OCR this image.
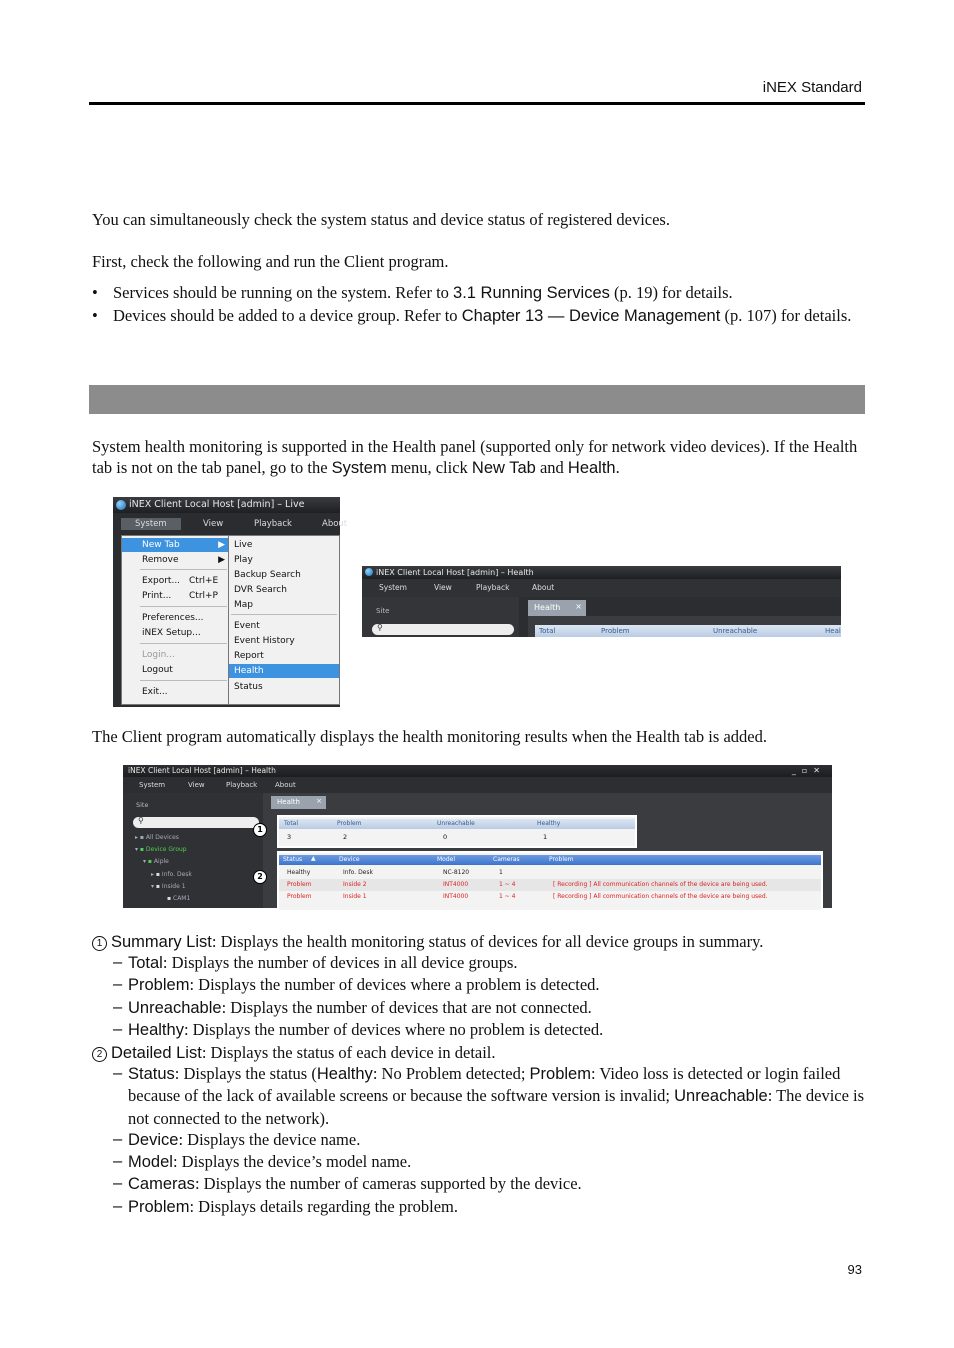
iNEX Standard
You can simultaneously check the system status and device status of registered devices.
First, check the following and run the Client program.
• Services should be running on the system. Refer to 3.1 Running Services (p. 19) for details.
• Devices should be added to a device group. Refer to Chapter 13 — Device Management (p. 107) for details.
System health monitoring is supported in the Health panel (supported only for network video devices). If the Health tab is not on the tab panel, go to the System menu, click New Tab and Health.
iNEX Client Local Host [admin] – Live
System	View	Playback	About
New Tab	▶
Remove	▶
Export... Ctrl+E
Print... Ctrl+P
Preferences...
iNEX Setup...
Login...
Logout
Exit...
Live
Play
Backup Search
DVR Search
Map
Event
Event History
Report
Health
Status
iNEX Client Local Host [admin] – Health
System	View	Playback	About
Site
⚲
Health ×
Total	Problem	Unreachable	Heal
The Client program automatically displays the health monitoring results when the Health tab is added.
iNEX Client Local Host [admin] – Health	_▫✕
System	View	Playback	About
Site
⚲
▸ ▪ All Devices
▾ ▪ Device Group
▾ ▪ Aiple
▸ ▪ Info. Desk
▾ ▪ Inside 1
▪ CAM1
1
2
Health ×
Total	Problem	Unreachable	Healthy
3	2	0	1
Status ▲	Device	Model	Cameras	Problem
Healthy	Info. Desk	NC-8120	1
Problem	Inside 2	INT4000	1 ~ 4	[ Recording ] All communication channels of the device are being used.
Problem	Inside 1	INT4000	1 ~ 4	[ Recording ] All communication channels of the device are being used.
1 Summary List: Displays the health monitoring status of devices for all device groups in summary.
– Total: Displays the number of devices in all device groups.
– Problem: Displays the number of devices where a problem is detected.
– Unreachable: Displays the number of devices that are not connected.
– Healthy: Displays the number of devices where no problem is detected.
2 Detailed List: Displays the status of each device in detail.
– Status: Displays the status (Healthy: No Problem detected; Problem: Video loss is detected or login failed because of the lack of available screens or because the software version is invalid; Unreachable: The device is not connected to the network).
– Device: Displays the device name.
– Model: Displays the device’s model name.
– Cameras: Displays the number of cameras supported by the device.
– Problem: Displays details regarding the problem.
93
